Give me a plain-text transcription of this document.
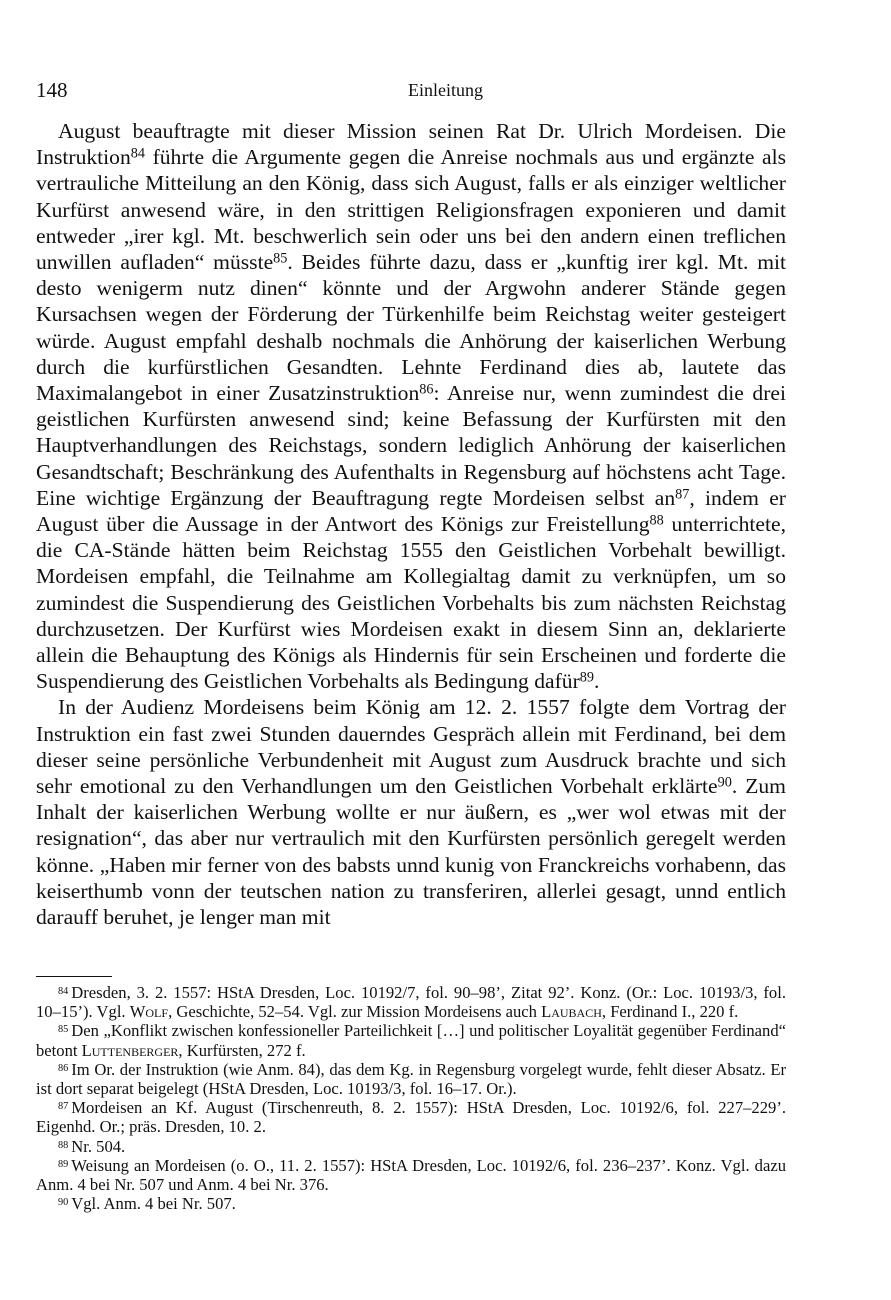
148	Einleitung

August beauftragte mit dieser Mission seinen Rat Dr. Ulrich Mordeisen. Die Instruktion$^{84}$ führte die Argumente gegen die Anreise nochmals aus und ergänzte als vertrauliche Mitteilung an den König, dass sich August, falls er als einziger weltlicher Kurfürst anwesend wäre, in den strittigen Religionsfragen exponieren und damit entweder „irer kgl. Mt. beschwerlich sein oder uns bei den andern einen treflichen unwillen aufladen“ müsste$^{85}$. Beides führte dazu, dass er „kunftig irer kgl. Mt. mit desto wenigerm nutz dinen“ könnte und der Argwohn anderer Stände gegen Kursachsen wegen der Förderung der Türkenhilfe beim Reichstag weiter gesteigert würde. August empfahl deshalb nochmals die Anhörung der kaiserlichen Werbung durch die kurfürstlichen Gesandten. Lehnte Ferdinand dies ab, lautete das Maximalangebot in einer Zusatzinstruktion$^{86}$: Anreise nur, wenn zumindest die drei geistlichen Kurfürsten anwesend sind; keine Befassung der Kurfürsten mit den Hauptverhandlungen des Reichstags, sondern lediglich Anhörung der kaiserlichen Gesandtschaft; Beschränkung des Aufenthalts in Regensburg auf höchstens acht Tage. Eine wichtige Ergänzung der Beauftragung regte Mordeisen selbst $an^{87}$, indem er August über die Aussage in der Antwort des Königs zur Freistellung$^{88}$ unterrichtete, die CA-Stände hätten beim Reichstag 1555 den Geistlichen Vorbehalt bewilligt. Mordeisen empfahl, die Teilnahme am Kollegialtag damit zu verknüpfen, um so zumindest die Suspendierung des Geistlichen Vorbehalts bis zum nächsten Reichstag durchzusetzen. Der Kurfürst wies Mordeisen exakt in diesem Sinn an, deklarierte allein die Behauptung des Königs als Hindernis für sein Erscheinen und forderte die Suspendierung des Geistlichen Vorbehalts als Bedingung dafür$^{89}$.

In der Audienz Mordeisens beim König am 12. 2. 1557 folgte dem Vortrag der Instruktion ein fast zwei Stunden dauerndes Gespräch allein mit Ferdinand, bei dem dieser seine persönliche Verbundenheit mit August zum Ausdruck brachte und sich sehr emotional zu den Verhandlungen um den Geistlichen Vorbehalt erklärte$^{90}$. Zum Inhalt der kaiserlichen Werbung wollte er nur äußern, es „wer wol etwas mit der resignation“, das aber nur vertraulich mit den Kurfürsten persönlich geregelt werden könne. „Haben mir ferner von des babsts unnd kunig von Franckreichs vorhabenn, das keiserthumb vonn der teutschen nation zu transferiren, allerlei gesagt, unnd entlich darauff beruhet, je lenger man mit

$^{84}$ Dresden, 3. 2. 1557: HStA Dresden, Loc. 10192/7, fol. 90–98’, Zitat 92’. Konz. (Or.: Loc. 10193/3, fol. 10–15’). Vgl. Wolf, Geschichte, 52–54. Vgl. zur Mission Mordeisens auch Laubach, Ferdinand I., 220 f.

$^{85}$ Den „Konflikt zwischen konfessioneller Parteilichkeit […] und politischer Loyalität gegenüber Ferdinand“ betont Luttenberger, Kurfürsten, 272 f.

$^{86}$ Im Or. der Instruktion (wie Anm. 84), das dem Kg. in Regensburg vorgelegt wurde, fehlt dieser Absatz. Er ist dort separat beigelegt (HStA Dresden, Loc. 10193/3, fol. 16–17. Or.).

$^{87}$ Mordeisen an Kf. August (Tirschenreuth, 8. 2. 1557): HStA Dresden, Loc. 10192/6, fol. 227–229’. Eigenhd. Or.; präs. Dresden, 10. 2.

$^{88}$ Nr. 504.

$^{89}$ Weisung an Mordeisen (o. O., 11. 2. 1557): HStA Dresden, Loc. 10192/6, fol. 236–237’. Konz. Vgl. dazu Anm. 4 bei Nr. 507 und Anm. 4 bei Nr. 376.

$^{90}$ Vgl. Anm. 4 bei Nr. 507.
